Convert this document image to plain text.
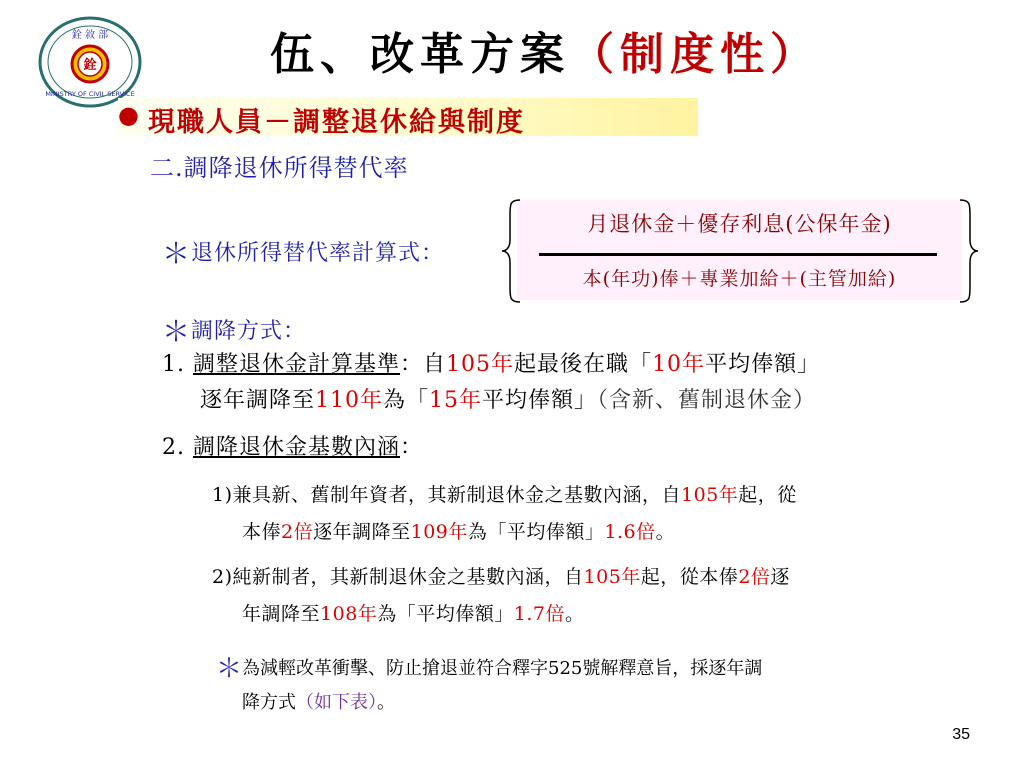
銓 敘 部
銓
MINISTRY OF CIVIL SERVICE
伍、改革方案（制度性）
● 現職人員－調整退休給與制度
二.調降退休所得替代率
＊退休所得替代率計算式：
月退休金＋優存利息(公保年金)
本(年功)俸＋專業加給＋(主管加給)
＊調降方式：
1. 調整退休金計算基準：自105年起最後在職「10年平均俸額」
逐年調降至110年為「15年平均俸額」（含新、舊制退休金）
2. 調降退休金基數內涵：
1)兼具新、舊制年資者，其新制退休金之基數內涵，自105年起，從
本俸2倍逐年調降至109年為「平均俸額」1.6倍。
2)純新制者，其新制退休金之基數內涵，自105年起，從本俸2倍逐
年調降至108年為「平均俸額」1.7倍。
＊為減輕改革衝擊、防止搶退並符合釋字525號解釋意旨，採逐年調
降方式（如下表）。
35
